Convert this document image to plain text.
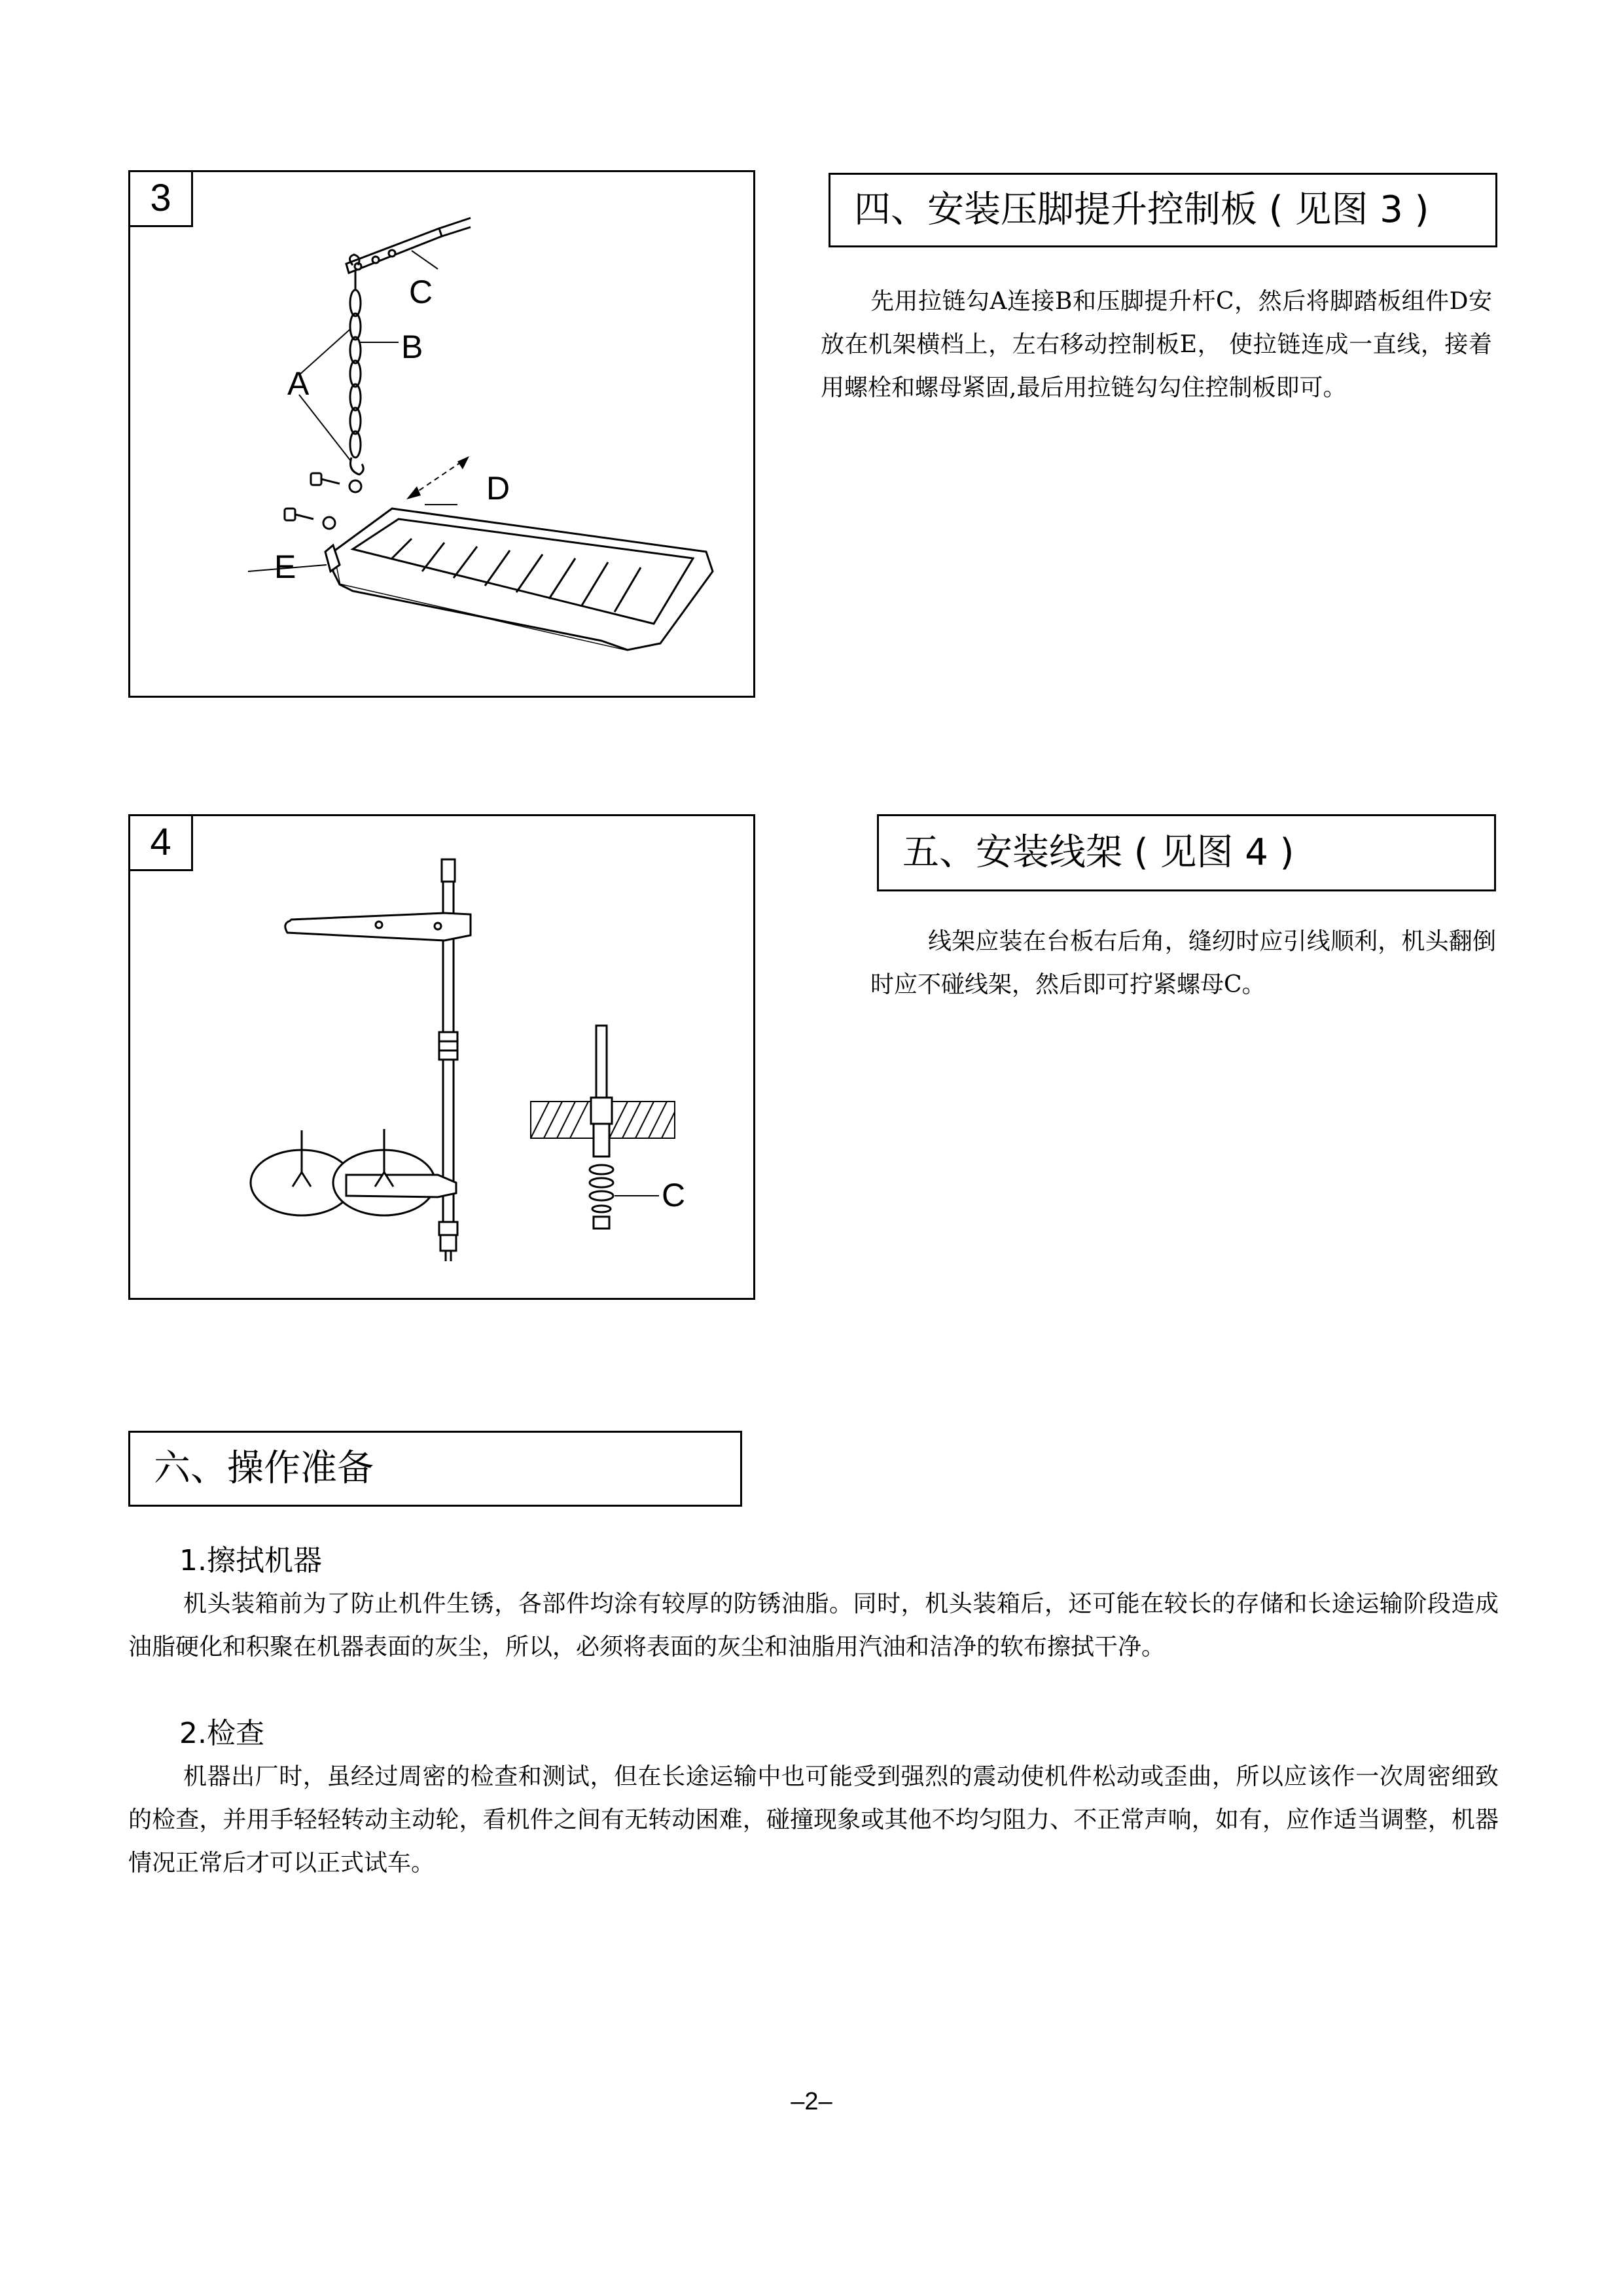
3
C
B
A
D
E
四、安装压脚提升控制板 ( 见图 3 )
先用拉链勾A连接B和压脚提升杆C，然后将脚踏板组件D安放在机架横档上，左右移动控制板E， 使拉链连成一直线，接着用螺栓和螺母紧固,最后用拉链勾勾住控制板即可。
4
C
五、安装线架 ( 见图 4 )
线架应装在台板右后角，缝纫时应引线顺利，机头翻倒时应不碰线架，然后即可拧紧螺母C。
六、操作准备
1.擦拭机器
机头装箱前为了防止机件生锈，各部件均涂有较厚的防锈油脂。同时，机头装箱后，还可能在较长的存储和长途运输阶段造成油脂硬化和积聚在机器表面的灰尘，所以，必须将表面的灰尘和油脂用汽油和洁净的软布擦拭干净。
2.检查
机器出厂时，虽经过周密的检查和测试，但在长途运输中也可能受到强烈的震动使机件松动或歪曲，所以应该作一次周密细致的检查，并用手轻轻转动主动轮，看机件之间有无转动困难，碰撞现象或其他不均匀阻力、不正常声响，如有，应作适当调整，机器情况正常后才可以正式试车。
–2–
